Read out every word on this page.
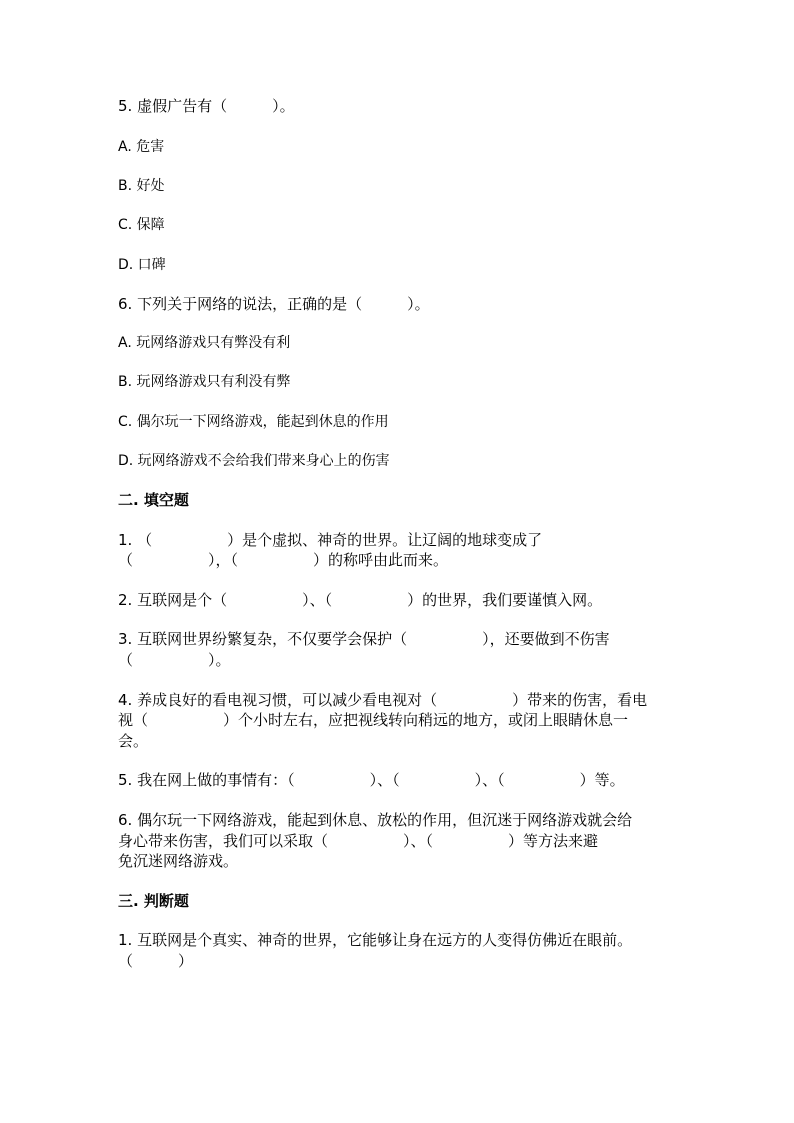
5. 虚假广告有（　　　）。
A. 危害
B. 好处
C. 保障
D. 口碑
6. 下列关于网络的说法，正确的是（　　　）。
A. 玩网络游戏只有弊没有利
B. 玩网络游戏只有利没有弊
C. 偶尔玩一下网络游戏，能起到休息的作用
D. 玩网络游戏不会给我们带来身心上的伤害
二. 填空题
1. （　　　　　）是个虚拟、神奇的世界。让辽阔的地球变成了
（　　　　　），（　　　　　）的称呼由此而来。
2. 互联网是个（　　　　　）、（　　　　　）的世界，我们要谨慎入网。
3. 互联网世界纷繁复杂，不仅要学会保护（　　　　　），还要做到不伤害
（　　　　　）。
4. 养成良好的看电视习惯，可以减少看电视对（　　　　　）带来的伤害，看电
视（　　　　　）个小时左右，应把视线转向稍远的地方，或闭上眼睛休息一
会。
5. 我在网上做的事情有：（　　　　　）、（　　　　　）、（　　　　　）等。
6. 偶尔玩一下网络游戏，能起到休息、放松的作用，但沉迷于网络游戏就会给
身心带来伤害，我们可以采取（　　　　　）、（　　　　　）等方法来避
免沉迷网络游戏。
三. 判断题
1. 互联网是个真实、神奇的世界，它能够让身在远方的人变得仿佛近在眼前。
（　　　）
